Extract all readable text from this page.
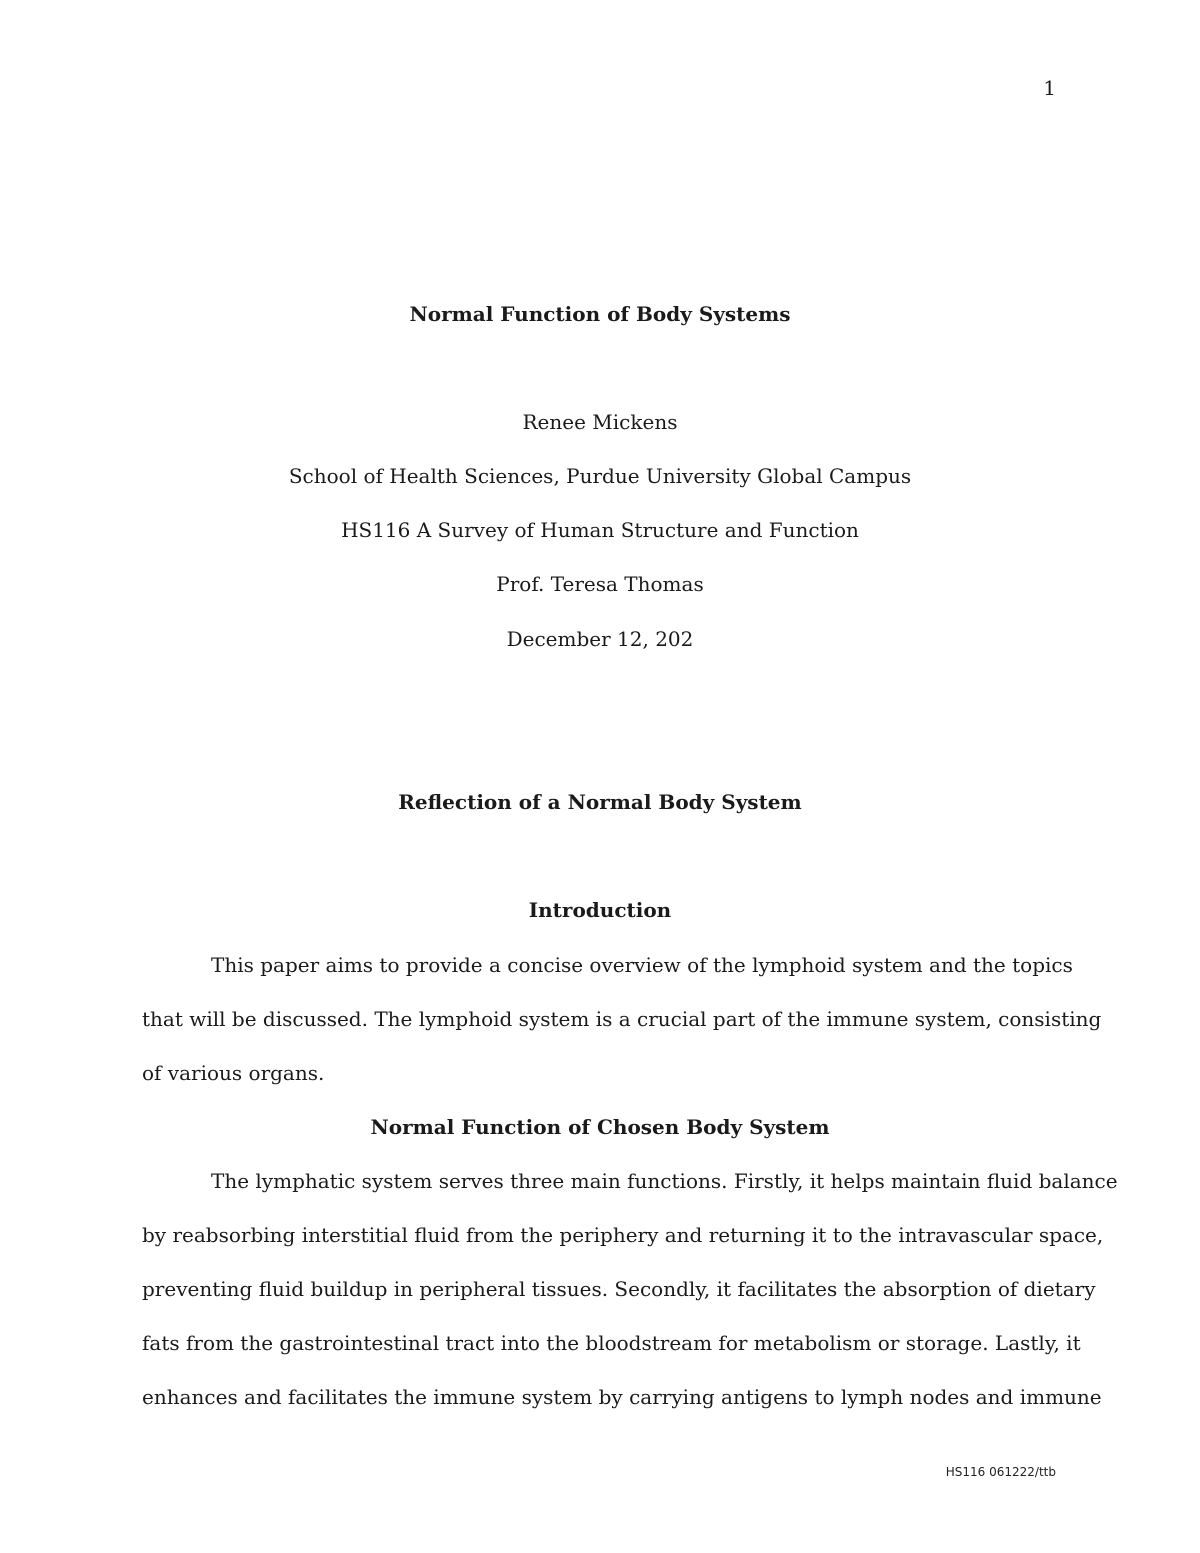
1
Normal Function of Body Systems
Renee Mickens
School of Health Sciences, Purdue University Global Campus
HS116 A Survey of Human Structure and Function
Prof. Teresa Thomas
December 12, 202
Reflection of a Normal Body System
Introduction
This paper aims to provide a concise overview of the lymphoid system and the topics
that will be discussed. The lymphoid system is a crucial part of the immune system, consisting
of various organs.
Normal Function of Chosen Body System
The lymphatic system serves three main functions. Firstly, it helps maintain fluid balance
by reabsorbing interstitial fluid from the periphery and returning it to the intravascular space,
preventing fluid buildup in peripheral tissues. Secondly, it facilitates the absorption of dietary
fats from the gastrointestinal tract into the bloodstream for metabolism or storage. Lastly, it
enhances and facilitates the immune system by carrying antigens to lymph nodes and immune
HS116 061222/ttb
